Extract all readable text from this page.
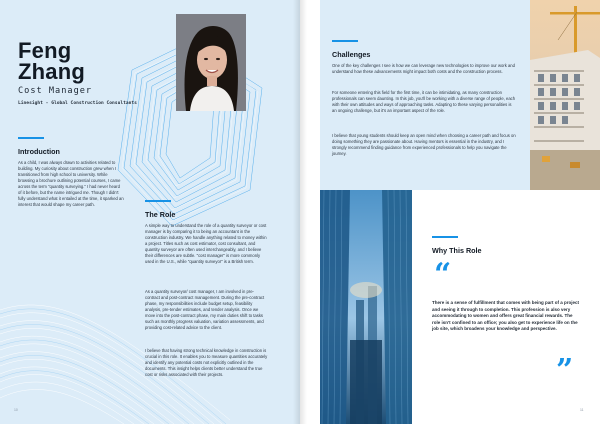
Feng
Zhang
Cost Manager
Linesight - Global Construction Consultants
Introduction
As a child, I was always drawn to activities related to building. My curiosity about construction grew when I transitioned from high school to university. While browsing a brochure outlining potential courses, I came across the term "quantity surveying." I had never heard of it before, but the name intrigued me. Though I didn't fully understand what it entailed at the time, it sparked an interest that would shape my career path.
The Role
A simple way to understand the role of a quantity surveyor or cost manager is by comparing it to being an accountant in the construction industry. We handle anything related to money within a project. Titles such as cost estimator, cost consultant, and quantity surveyor are often used interchangeably, and I believe their differences are subtle. "cost manager" is more commonly used in the U.S., while "quantity surveyor" is a British term.
As a quantity surveyor/ cost manager, I am involved in pre-contract and post-contract management. During the pre-contract phase, my responsibilities include budget setup, feasibility analysis, pre-tender estimates, and tender analysis. Once we move into the post-contract phase, my main duties shift to tasks such as monthly progress valuation, variation assessments, and providing cost-related advice to the client.
I believe that having strong technical knowledge in construction is crucial in this role. It enables you to measure quantities accurately and identify any potential costs not explicitly outlined in the documents. This insight helps clients better understand the true cost or risks associated with their projects.
10
Challenges
One of the key challenges I see is how we can leverage new technologies to improve our work and understand how these advancements might impact both costs and the construction process.
For someone entering this field for the first time, it can be intimidating, as many construction professionals can seem daunting. In this job, you'll be working with a diverse range of people, each with their own attitudes and ways of approaching tasks. Adapting to these varying personalities is an ongoing challenge, but it's an important aspect of the role.
I believe that young students should keep an open mind when choosing a career path and focus on doing something they are passionate about. Having mentors is essential in the industry, and I strongly recommend finding guidance from experienced professionals to help you navigate the journey.
Why This Role
“
There is a sense of fulfillment that comes with being part of a project and seeing it through to completion. This profession is also very accommodating to women and offers great financial rewards. The role isn't confined to an office; you also get to experience life on the job site, which broadens your knowledge and perspective.
”
11
